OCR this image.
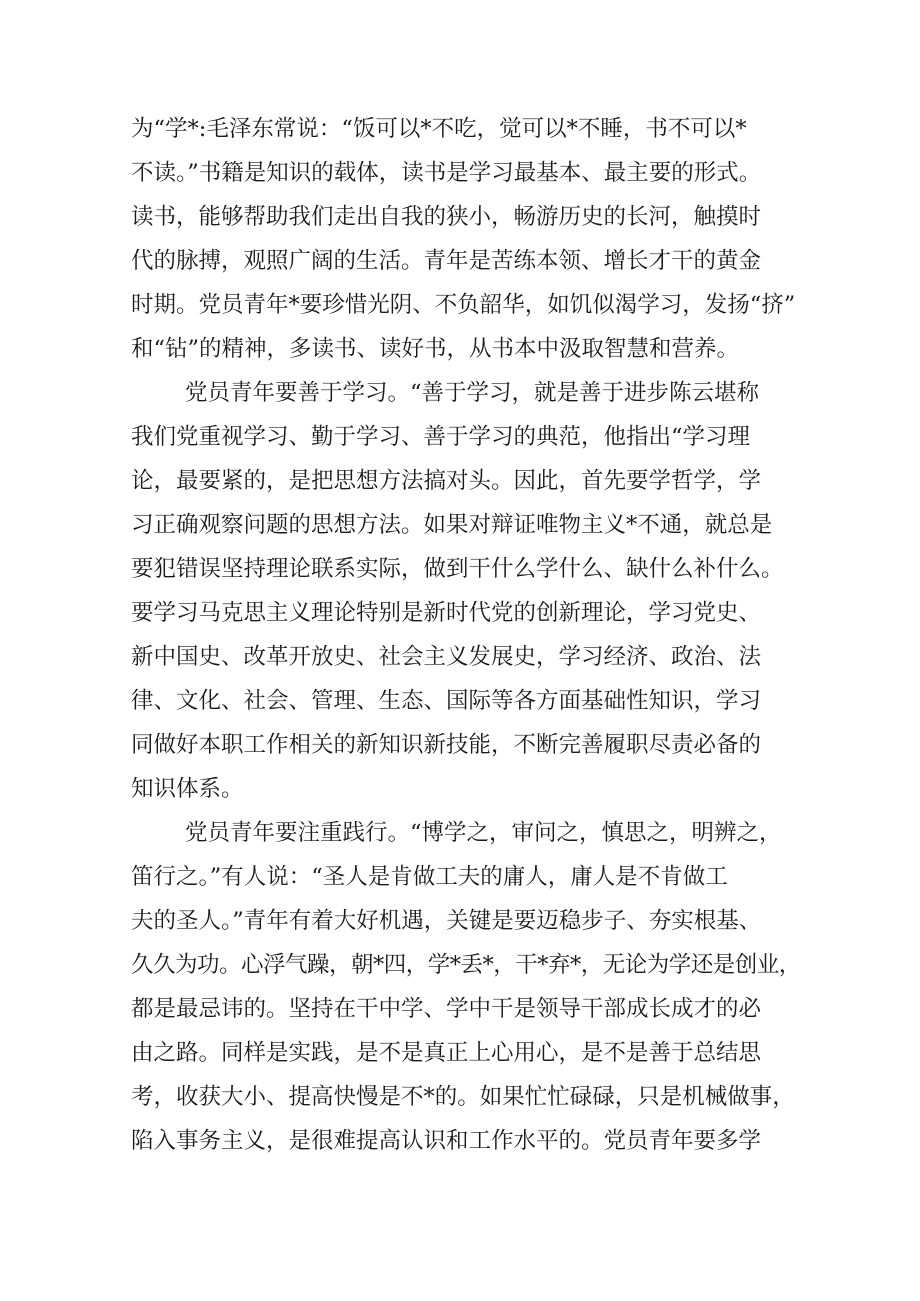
为“学*:毛泽东常说：“饭可以*不吃，觉可以*不睡，书不可以*
不读。”书籍是知识的载体，读书是学习最基本、最主要的形式。
读书，能够帮助我们走出自我的狭小，畅游历史的长河，触摸时
代的脉搏，观照广阔的生活。青年是苦练本领、增长才干的黄金
时期。党员青年*要珍惜光阴、不负韶华，如饥似渴学习，发扬“挤”
和“钻”的精神，多读书、读好书，从书本中汲取智慧和营养。
党员青年要善于学习。“善于学习，就是善于进步陈云堪称
我们党重视学习、勤于学习、善于学习的典范，他指出“学习理
论，最要紧的，是把思想方法搞对头。因此，首先要学哲学，学
习正确观察问题的思想方法。如果对辩证唯物主义*不通，就总是
要犯错误坚持理论联系实际，做到干什么学什么、缺什么补什么。
要学习马克思主义理论特别是新时代党的创新理论，学习党史、
新中国史、改革开放史、社会主义发展史，学习经济、政治、法
律、文化、社会、管理、生态、国际等各方面基础性知识，学习
同做好本职工作相关的新知识新技能，不断完善履职尽责必备的
知识体系。
党员青年要注重践行。“博学之，审问之，慎思之，明辨之，
笛行之。”有人说：“圣人是肯做工夫的庸人，庸人是不肯做工
夫的圣人。”青年有着大好机遇，关键是要迈稳步子、夯实根基、
久久为功。心浮气躁，朝*四，学*丢*，干*弃*，无论为学还是创业，
都是最忌讳的。坚持在干中学、学中干是领导干部成长成才的必
由之路。同样是实践，是不是真正上心用心，是不是善于总结思
考，收获大小、提高快慢是不*的。如果忙忙碌碌，只是机械做事，
陷入事务主义，是很难提高认识和工作水平的。党员青年要多学
